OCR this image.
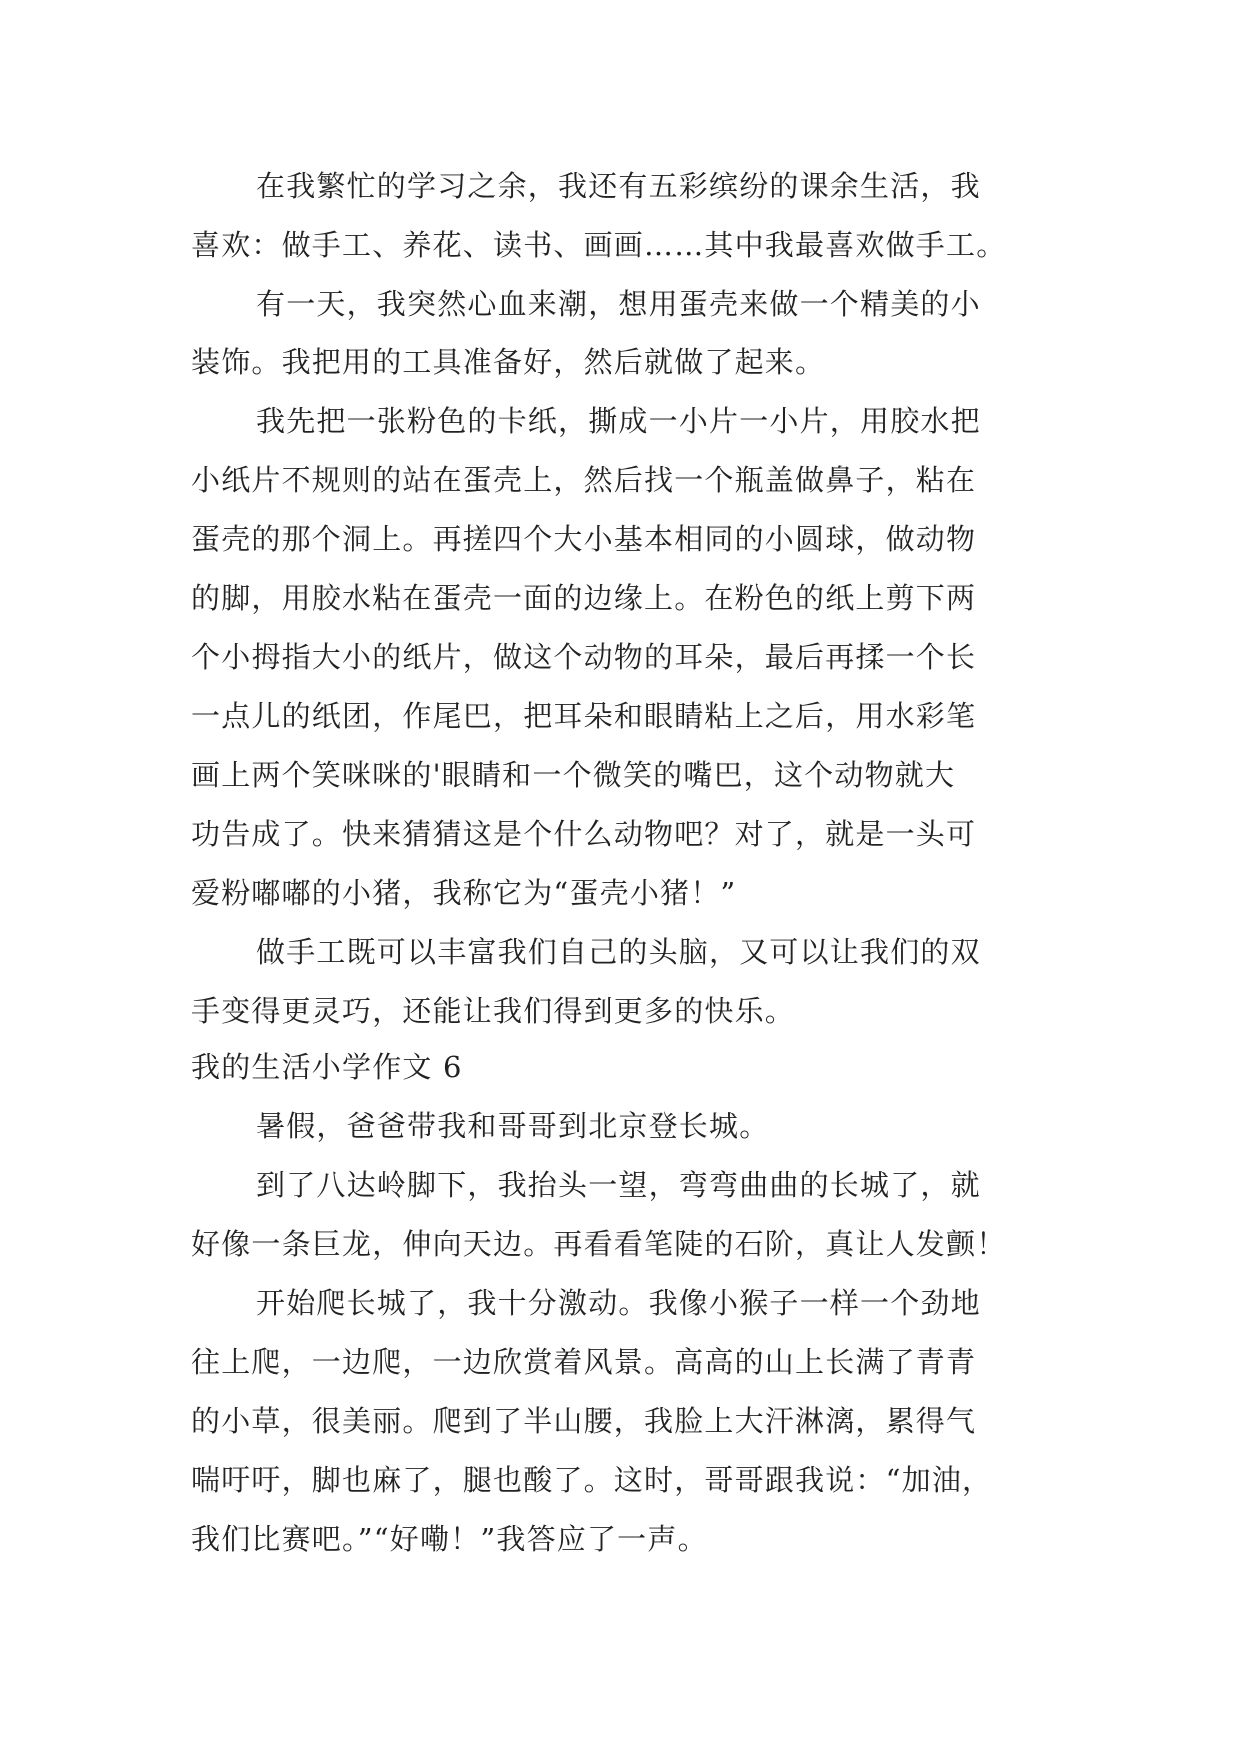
在我繁忙的学习之余，我还有五彩缤纷的课余生活，我
喜欢：做手工、养花、读书、画画……其中我最喜欢做手工。
有一天，我突然心血来潮，想用蛋壳来做一个精美的小
装饰。我把用的工具准备好，然后就做了起来。
我先把一张粉色的卡纸，撕成一小片一小片，用胶水把
小纸片不规则的站在蛋壳上，然后找一个瓶盖做鼻子，粘在
蛋壳的那个洞上。再搓四个大小基本相同的小圆球，做动物
的脚，用胶水粘在蛋壳一面的边缘上。在粉色的纸上剪下两
个小拇指大小的纸片，做这个动物的耳朵，最后再揉一个长
一点儿的纸团，作尾巴，把耳朵和眼睛粘上之后，用水彩笔
画上两个笑咪咪的'眼睛和一个微笑的嘴巴，这个动物就大
功告成了。快来猜猜这是个什么动物吧？对了，就是一头可
爱粉嘟嘟的小猪，我称它为“蛋壳小猪！”
做手工既可以丰富我们自己的头脑，又可以让我们的双
手变得更灵巧，还能让我们得到更多的快乐。
我的生活小学作文 6
暑假，爸爸带我和哥哥到北京登长城。
到了八达岭脚下，我抬头一望，弯弯曲曲的长城了，就
好像一条巨龙，伸向天边。再看看笔陡的石阶，真让人发颤！
开始爬长城了，我十分激动。我像小猴子一样一个劲地
往上爬，一边爬，一边欣赏着风景。高高的山上长满了青青
的小草，很美丽。爬到了半山腰，我脸上大汗淋漓，累得气
喘吁吁，脚也麻了，腿也酸了。这时，哥哥跟我说：“加油，
我们比赛吧。”“好嘞！”我答应了一声。
